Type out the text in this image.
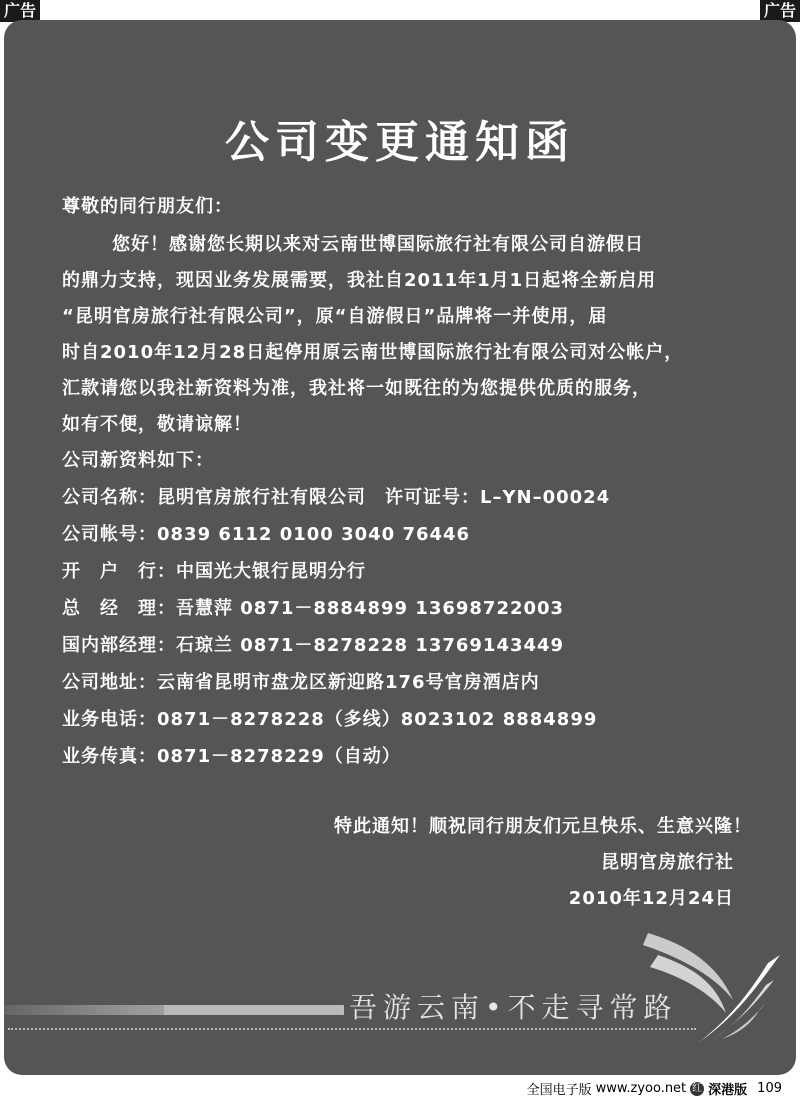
广告	广告
公司变更通知函
尊敬的同行朋友们：
您好！感谢您长期以来对云南世博国际旅行社有限公司自游假日
的鼎力支持，现因业务发展需要，我社自2011年1月1日起将全新启用
“昆明官房旅行社有限公司”，原“自游假日”品牌将一并使用，届
时自2010年12月28日起停用原云南世博国际旅行社有限公司对公帐户，
汇款请您以我社新资料为准，我社将一如既往的为您提供优质的服务，
如有不便，敬请谅解！
公司新资料如下：
公司名称：昆明官房旅行社有限公司　许可证号：L–YN–00024
公司帐号：0839 6112 0100 3040 76446
开　户　行：中国光大银行昆明分行
总　经　理：吾慧萍 0871－8884899 13698722003
国内部经理：石琼兰 0871－8278228 13769143449
公司地址：云南省昆明市盘龙区新迎路176号官房酒店内
业务电话：0871－8278228（多线）8023102 8884899
业务传真：0871－8278229（自动）
特此通知！顺祝同行朋友们元旦快乐、生意兴隆！
昆明官房旅行社
2010年12月24日
吾游云南•不走寻常路
全国电子版 www.zyoo.net 红 深港版 109
